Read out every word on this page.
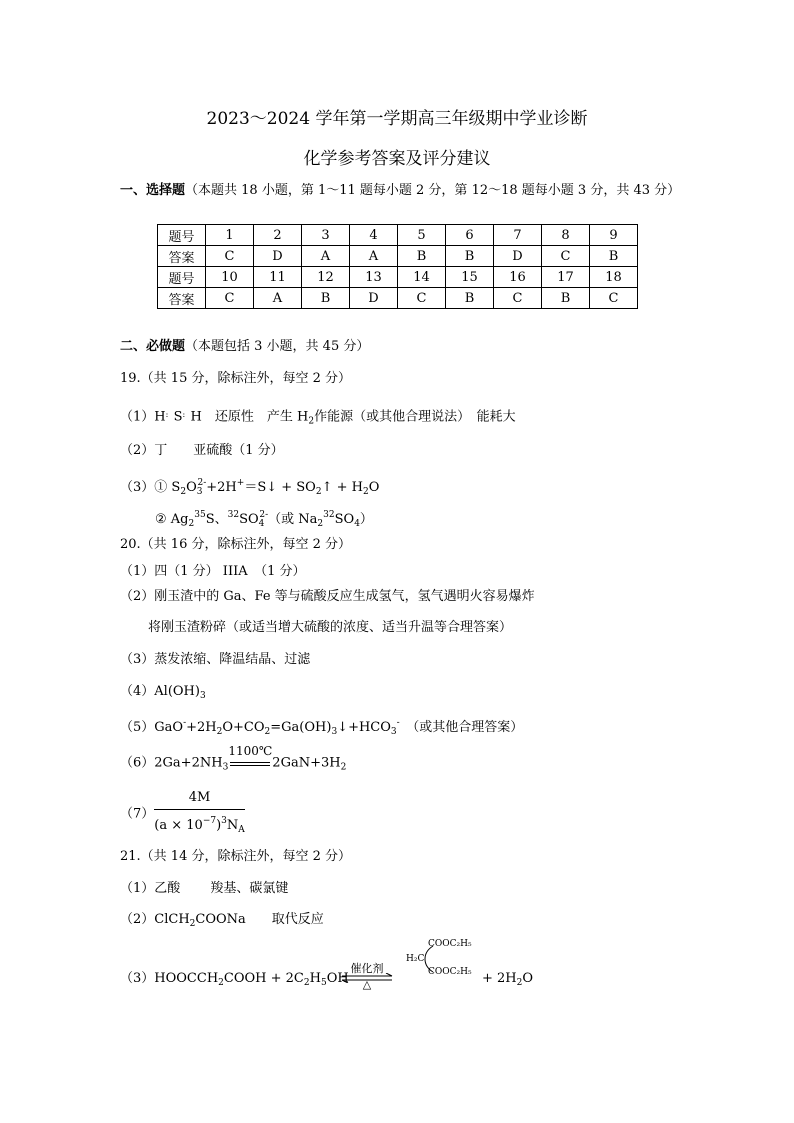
2023～2024 学年第一学期高三年级期中学业诊断
化学参考答案及评分建议
一、选择题（本题共 18 小题，第 1～11 题每小题 2 分，第 12～18 题每小题 3 分，共 43 分）
题号	1	2	3	4	5	6	7	8	9
答案	C	D	A	A	B	B	D	C	B
题号	10	11	12	13	14	15	16	17	18
答案	C	A	B	D	C	B	C	B	C
二、必做题（本题包括 3 小题，共 45 分）
19.（共 15 分，除标注外，每空 2 分）
（1）H : S : H　 还原性　产生 $H_2$作能源（或其他合理说法）　能耗大
（2）丁　　亚硫酸（1 分）
（3）① $S_2O_3^{2-}+2H^+=S↓$ + $SO_2↑ + H_2O$
② $Ag_2^{35}S$、$^{32}SO_4^{2-}$（或 $Na_2^{32}SO_4$）
20.（共 16 分，除标注外，每空 2 分）
（1）四（1 分） IIIA　（1 分）
（2）刚玉渣中的 Ga、Fe 等与硫酸反应生成氢气，氢气遇明火容易爆炸
将刚玉渣粉碎（或适当增大硫酸的浓度、适当升温等合理答案）
（3）蒸发浓缩、降温结晶、过滤
$(4)Al(OH)_3$
$(5)GaO^-+2H_2O+CO_2=Ga(OH)_3↓+HCO_3^-$　（或其他合理答案）
$(6)2Ga+2NH_3$
1100℃
$2GaN+3H_2$
$(7) \frac{4M}{(a \times 10^{-7})^3N_A}$
21.（共 14 分，除标注外，每空 2 分）
（1）乙酸　　 羧基、碳氯键
（2）ClCH$_2$COONa　　取代反应
$(3)HOOCCH_2COOH + 2C_2H_5OH$
催化剂
△
COOC₂H₅
H₂C
COOC₂H₅ + $2H_2O$
